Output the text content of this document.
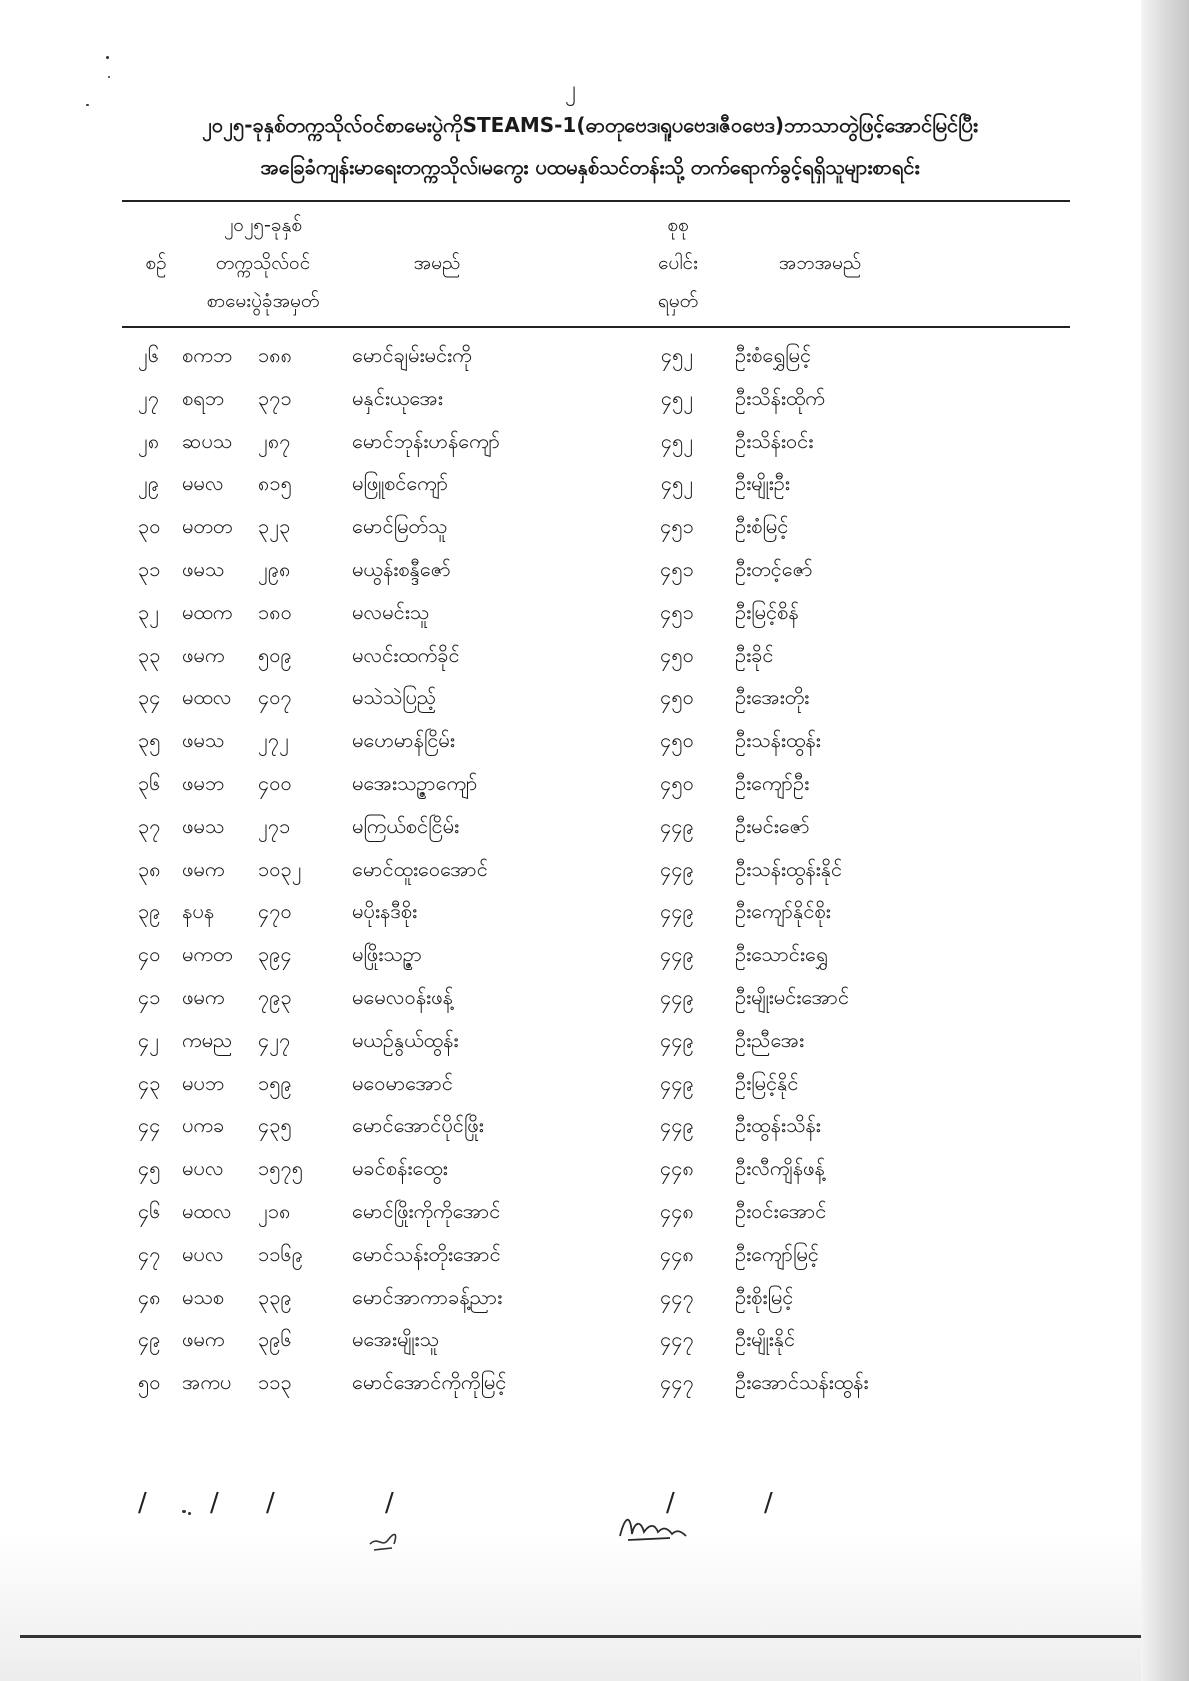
၂

၂၀၂၅-ခုနှစ်တက္ကသိုလ်ဝင်စာမေးပွဲကိုSTEAMS-1(ဓာတုဗေဒ၊ရူပဗေဒ၊ဇီဝဗေဒ)ဘာသာတွဲဖြင့်အောင်မြင်ပြီး
အခြေခံကျန်းမာရေးတက္ကသိုလ်၊မကွေး ပထမနှစ်သင်တန်းသို့ တက်ရောက်ခွင့်ရရှိသူများစာရင်း
စဉ်
၂၀၂၅-ခုနှစ်
တက္ကသိုလ်ဝင်
စာမေးပွဲခုံအမှတ်
အမည်
စုစု
ပေါင်း
ရမှတ်
အဘအမည်
၂၆	စကဘ	၁၈၈	မောင်ချမ်းမင်းကို	၄၅၂	ဦးစံရွှေမြင့်
၂၇	စရဘ	၃၇၁	မနှင်းယုအေး	၄၅၂	ဦးသိန်းထိုက်
၂၈	ဆပသ	၂၈၇	မောင်ဘုန်းဟန်ကျော်	၄၅၂	ဦးသိန်းဝင်း
၂၉	မမလ	၈၁၅	မဖြူစင်ကျော်	၄၅၂	ဦးမျိုးဦး
၃၀	မတတ	၃၂၃	မောင်မြတ်သူ	၄၅၁	ဦးစံမြင့်
၃၁	ဖမသ	၂၉၈	မယွန်းစန္ဒီဇော်	၄၅၁	ဦးတင့်ဇော်
၃၂	မထက	၁၈၀	မလမင်းသူ	၄၅၁	ဦးမြင့်စိန်
၃၃	ဖမက	၅၀၉	မလင်းထက်ခိုင်	၄၅၀	ဦးခိုင်
၃၄	မထလ	၄၀၇	မသဲသဲပြည့်	၄၅၀	ဦးအေးတိုး
၃၅	ဖမသ	၂၇၂	မဟေမာန်ငြိမ်း	၄၅၀	ဦးသန်းထွန်း
၃၆	ဖမဘ	၄၀၀	မအေးသဉ္ဇာကျော်	၄၅၀	ဦးကျော်ဦး
၃၇	ဖမသ	၂၇၁	မကြယ်စင်ငြိမ်း	၄၄၉	ဦးမင်းဇော်
၃၈	ဖမက	၁၀၃၂	မောင်ထူးဝေအောင်	၄၄၉	ဦးသန်းထွန်းနိုင်
၃၉	နပန	၄၇၀	မပိုးနဒီစိုး	၄၄၉	ဦးကျော်နိုင်စိုး
၄၀	မကတ	၃၉၄	မဖြိုးသဉ္ဇာ	၄၄၉	ဦးသောင်းရွှေ
၄၁	ဖမက	၇၉၃	မမေလဝန်းဖန့်	၄၄၉	ဦးမျိုးမင်းအောင်
၄၂	ကမည	၄၂၇	မယဉ်နွယ်ထွန်း	၄၄၉	ဦးညီအေး
၄၃	မပဘ	၁၅၉	မဝေမာအောင်	၄၄၉	ဦးမြင့်နိုင်
၄၄	ပကခ	၄၃၅	မောင်အောင်ပိုင်ဖြိုး	၄၄၉	ဦးထွန်းသိန်း
၄၅	မပလ	၁၅၇၅	မခင်စန်းထွေး	၄၄၈	ဦးလီကျိန်ဖန့်
၄၆	မထလ	၂၁၈	မောင်ဖြိုးကိုကိုအောင်	၄၄၈	ဦးဝင်းအောင်
၄၇	မပလ	၁၁၆၉	မောင်သန်းတိုးအောင်	၄၄၈	ဦးကျော်မြင့်
၄၈	မသစ	၃၃၉	မောင်အာကာခန့်ညား	၄၄၇	ဦးစိုးမြင့်
၄၉	ဖမက	၃၉၆	မအေးမျိုးသူ	၄၄၇	ဦးမျိုးနိုင်
၅၀	အကပ	၁၁၃	မောင်အောင်ကိုကိုမြင့်	၄၄၇	ဦးအောင်သန်းထွန်း
/ / /	/	/	/
